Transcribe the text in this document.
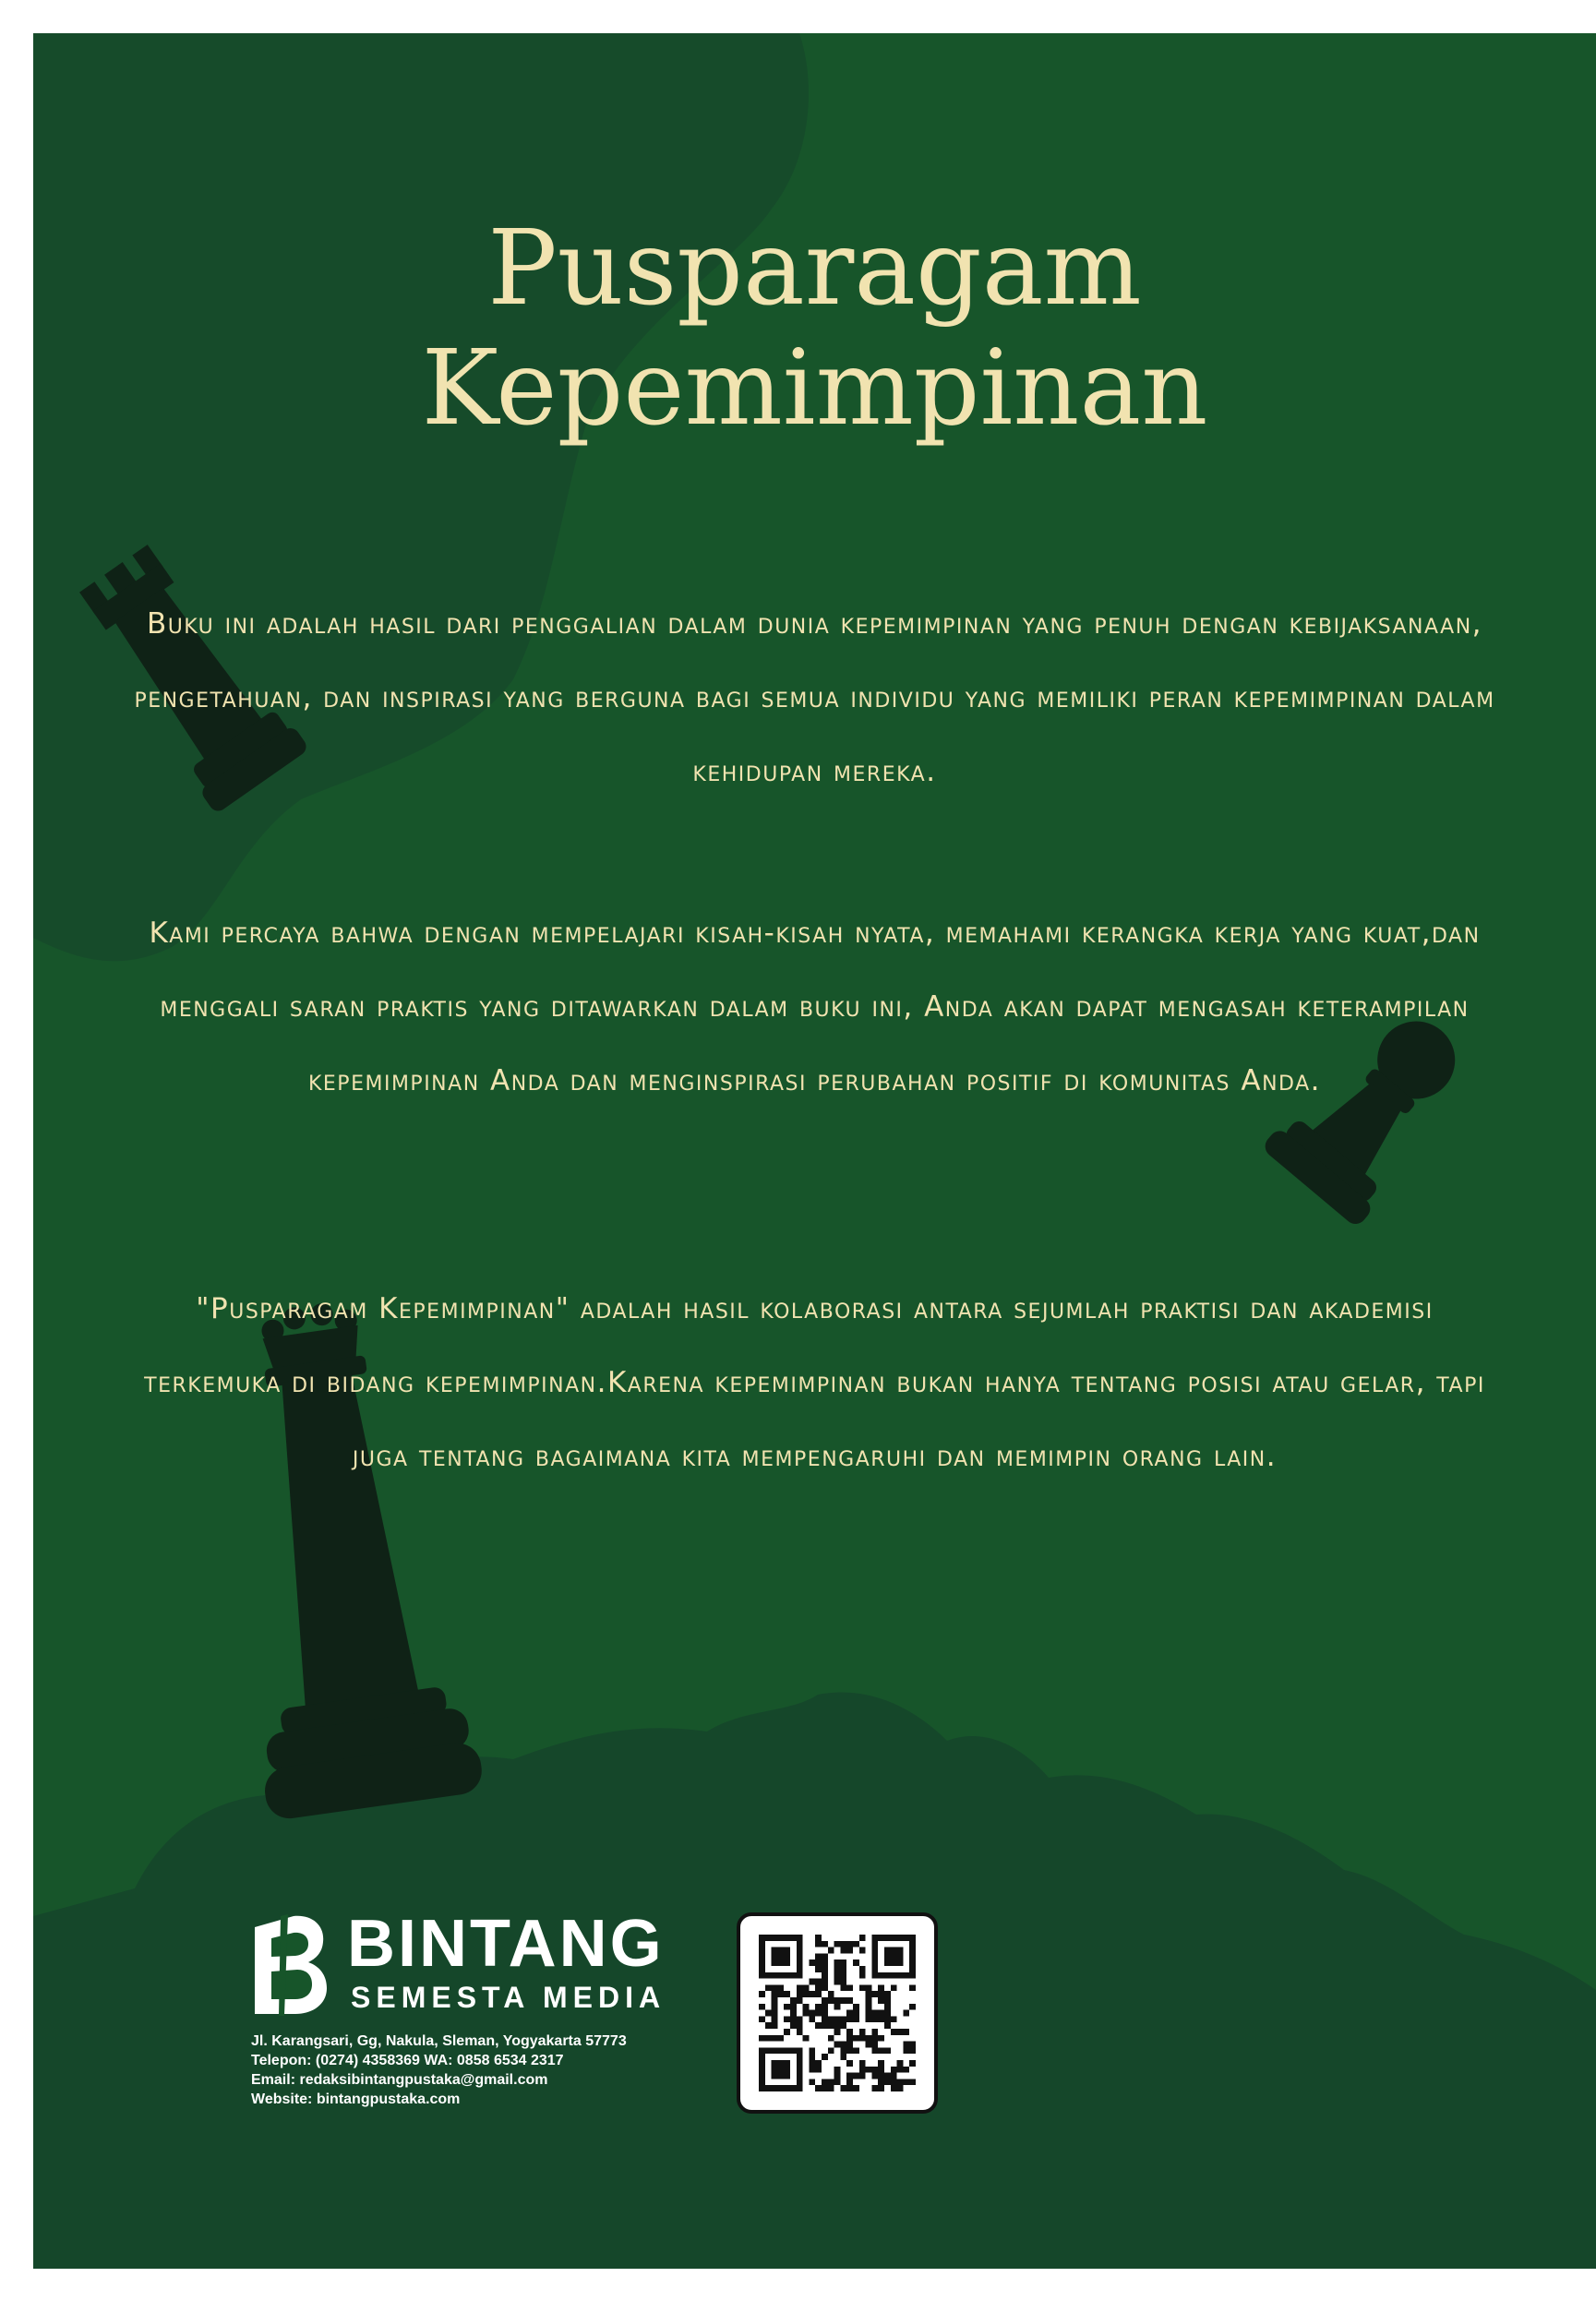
Pusparagam
Kepemimpinan
Buku ini adalah hasil dari penggalian dalam dunia kepemimpinan yang penuh dengan kebijaksanaan, pengetahuan, dan inspirasi yang berguna bagi semua individu yang memiliki peran kepemimpinan dalam kehidupan mereka.
Kami percaya bahwa dengan mempelajari kisah-kisah nyata, memahami kerangka kerja yang kuat,dan menggali saran praktis yang ditawarkan dalam buku ini, Anda akan dapat mengasah keterampilan kepemimpinan Anda dan menginspirasi perubahan positif di komunitas Anda.
"Pusparagam Kepemimpinan" adalah hasil kolaborasi antara sejumlah praktisi dan akademisi terkemuka di bidang kepemimpinan.Karena kepemimpinan bukan hanya tentang posisi atau gelar, tapi juga tentang bagaimana kita mempengaruhi dan memimpin orang lain.
BINTANG
SEMESTA MEDIA
Jl. Karangsari, Gg, Nakula, Sleman, Yogyakarta 57773
Telepon: (0274) 4358369 WA: 0858 6534 2317
Email: redaksibintangpustaka@gmail.com
Website: bintangpustaka.com
